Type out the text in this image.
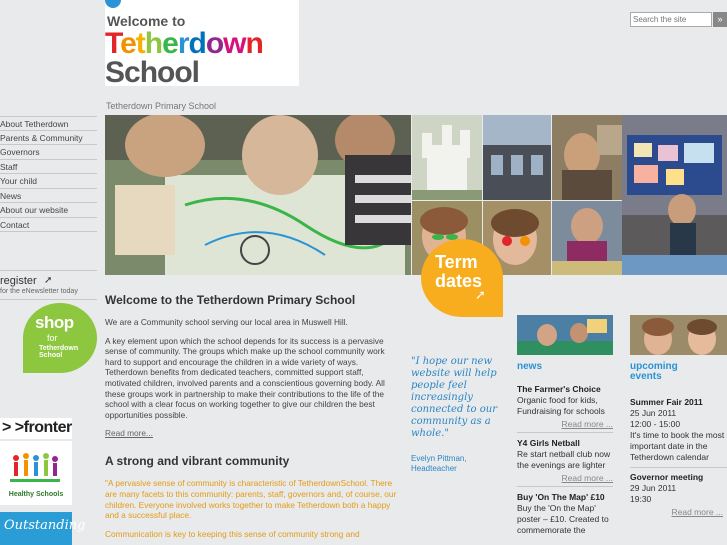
Welcome to
Tetherdown
School
Tetherdown Primary School
Search the site
»
About Tetherdown
Parents & Community
Governors
Staff
Your child
News
About our website
Contact
register ➚
for the eNewsletter today
shop
for
Tetherdown School
> >fronter
Healthy Schools
Outstanding
Term dates
➚
Welcome to the Tetherdown Primary School

We are a Community school serving our local area in Muswell Hill.

A key element upon which the school depends for its success is a pervasive sense of community. The groups which make up the school community work hard to support and encourage the children in a wide variety of ways. Tetherdown benefits from dedicated teachers, committed support staff, motivated children, involved parents and a conscientious governing body. All these groups work in partnership to make their contributions to the life of the school with a clear focus on working together to give our children the best opportunities possible.

Read more...
A strong and vibrant community

"A pervasive sense of community is characteristic of TetherdownSchool. There are many facets to this community: parents, staff, governors and, of course, our children. Everyone involved works together to make Tetherdown both a happy and a successful place.

Communication is key to keeping this sense of community strong and

"I hope our new website will help people feel increasingly connected to our community as a whole."
Evelyn Pittman, Headteacher
news
The Farmer's Choice

Organic food for kids, Fundraising for schools

Read more ...
Y4 Girls Netball

Re start netball club now the evenings are lighter

Read more ...
Buy 'On The Map' £10

Buy the 'On the Map' poster – £10. Created to commemorate the

upcoming
events
Summer Fair 2011
25 Jun 2011
12:00 - 15:00

It's time to book the most important date in the Tetherdown calendar

Governor meeting
29 Jun 2011
19:30
Read more ...
